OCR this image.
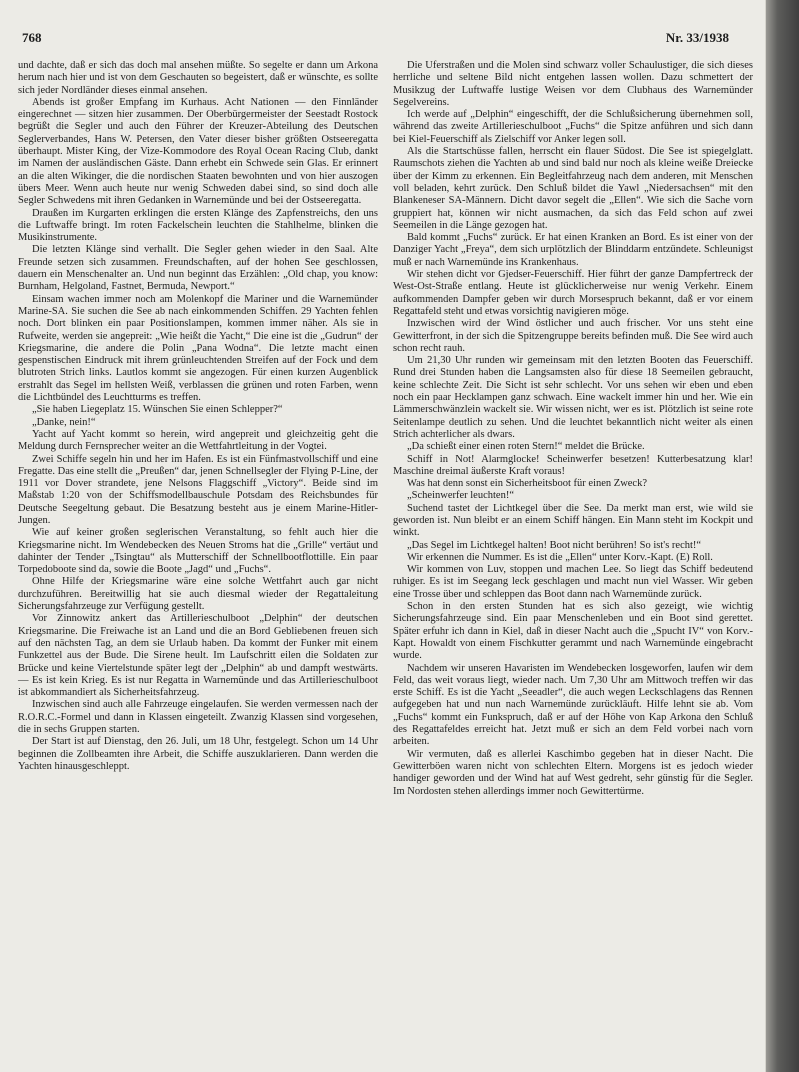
768	Nr. 33/1938

und dachte, daß er sich das doch mal ansehen müßte. So segelte er dann um Arkona herum nach hier und ist von dem Geschauten so begeistert, daß er wünschte, es sollte sich jeder Nordländer dieses einmal ansehen.

Abends ist großer Empfang im Kurhaus. Acht Nationen — den Finnländer eingerechnet — sitzen hier zusammen. Der Oberbürgermeister der Seestadt Rostock begrüßt die Segler und auch den Führer der Kreuzer-Abteilung des Deutschen Seglerverbandes, Hans W. Petersen, den Vater dieser bisher größten Ostseeregatta überhaupt. Mister King, der Vize-Kommodore des Royal Ocean Racing Club, dankt im Namen der ausländischen Gäste. Dann erhebt ein Schwede sein Glas. Er erinnert an die alten Wikinger, die die nordischen Staaten bewohnten und von hier auszogen übers Meer. Wenn auch heute nur wenig Schweden dabei sind, so sind doch alle Segler Schwedens mit ihren Gedanken in Warnemünde und bei der Ostseeregatta.

Draußen im Kurgarten erklingen die ersten Klänge des Zapfenstreichs, den uns die Luftwaffe bringt. Im roten Fackelschein leuchten die Stahlhelme, blinken die Musikinstrumente.

Die letzten Klänge sind verhallt. Die Segler gehen wieder in den Saal. Alte Freunde setzen sich zusammen. Freundschaften, auf der hohen See geschlossen, dauern ein Menschenalter an. Und nun beginnt das Erzählen: „Old chap, you know: Burnham, Helgoland, Fastnet, Bermuda, Newport.“

Einsam wachen immer noch am Molenkopf die Mariner und die Warnemünder Marine-SA. Sie suchen die See ab nach einkommenden Schiffen. 29 Yachten fehlen noch. Dort blinken ein paar Positionslampen, kommen immer näher. Als sie in Rufweite, werden sie angepreit: „Wie heißt die Yacht,“ Die eine ist die „Gudrun“ der Kriegsmarine, die andere die Polin „Pana Wodna“. Die letzte macht einen gespenstischen Eindruck mit ihrem grünleuchtenden Streifen auf der Fock und dem blutroten Strich links. Lautlos kommt sie angezogen. Für einen kurzen Augenblick erstrahlt das Segel im hellsten Weiß, verblassen die grünen und roten Farben, wenn die Lichtbündel des Leuchtturms es treffen.

„Sie haben Liegeplatz 15. Wünschen Sie einen Schlepper?“

„Danke, nein!“

Yacht auf Yacht kommt so herein, wird angepreit und gleichzeitig geht die Meldung durch Fernsprecher weiter an die Wettfahrtleitung in der Vogtei.

Zwei Schiffe segeln hin und her im Hafen. Es ist ein Fünfmastvollschiff und eine Fregatte. Das eine stellt die „Preußen“ dar, jenen Schnellsegler der Flying P-Line, der 1911 vor Dover strandete, jene Nelsons Flaggschiff „Victory“. Beide sind im Maßstab 1:20 von der Schiffsmodellbauschule Potsdam des Reichsbundes für Deutsche Seegeltung gebaut. Die Besatzung besteht aus je einem Marine-Hitler-Jungen.

Wie auf keiner großen seglerischen Veranstaltung, so fehlt auch hier die Kriegsmarine nicht. Im Wendebecken des Neuen Stroms hat die „Grille“ vertäut und dahinter der Tender „Tsingtau“ als Mutterschiff der Schnellbootflottille. Ein paar Torpedoboote sind da, sowie die Boote „Jagd“ und „Fuchs“.

Ohne Hilfe der Kriegsmarine wäre eine solche Wettfahrt auch gar nicht durchzuführen. Bereitwillig hat sie auch diesmal wieder der Regattaleitung Sicherungsfahrzeuge zur Verfügung gestellt.

Vor Zinnowitz ankert das Artillerieschulboot „Delphin“ der deutschen Kriegsmarine. Die Freiwache ist an Land und die an Bord Gebliebenen freuen sich auf den nächsten Tag, an dem sie Urlaub haben. Da kommt der Funker mit einem Funkzettel aus der Bude. Die Sirene heult. Im Laufschritt eilen die Soldaten zur Brücke und keine Viertelstunde später legt der „Delphin“ ab und dampft westwärts. — Es ist kein Krieg. Es ist nur Regatta in Warnemünde und das Artillerieschulboot ist abkommandiert als Sicherheitsfahrzeug.

Inzwischen sind auch alle Fahrzeuge eingelaufen. Sie werden vermessen nach der R.O.R.C.-Formel und dann in Klassen eingeteilt. Zwanzig Klassen sind vorgesehen, die in sechs Gruppen starten.

Der Start ist auf Dienstag, den 26. Juli, um 18 Uhr, festgelegt. Schon um 14 Uhr beginnen die Zollbeamten ihre Arbeit, die Schiffe auszuklarieren. Dann werden die Yachten hinausgeschleppt.

Die Uferstraßen und die Molen sind schwarz voller Schaulustiger, die sich dieses herrliche und seltene Bild nicht entgehen lassen wollen. Dazu schmettert der Musikzug der Luftwaffe lustige Weisen vor dem Clubhaus des Warnemünder Segelvereins.

Ich werde auf „Delphin“ eingeschifft, der die Schlußsicherung übernehmen soll, während das zweite Artillerieschulboot „Fuchs“ die Spitze anführen und sich dann bei Kiel-Feuerschiff als Zielschiff vor Anker legen soll.

Als die Startschüsse fallen, herrscht ein flauer Südost. Die See ist spiegelglatt. Raumschots ziehen die Yachten ab und sind bald nur noch als kleine weiße Dreiecke über der Kimm zu erkennen. Ein Begleitfahrzeug nach dem anderen, mit Menschen voll beladen, kehrt zurück. Den Schluß bildet die Yawl „Niedersachsen“ mit den Blankeneser SA-Männern. Dicht davor segelt die „Ellen“. Wie sich die Sache vorn gruppiert hat, können wir nicht ausmachen, da sich das Feld schon auf zwei Seemeilen in die Länge gezogen hat.

Bald kommt „Fuchs“ zurück. Er hat einen Kranken an Bord. Es ist einer von der Danziger Yacht „Freya“, dem sich urplötzlich der Blinddarm entzündete. Schleunigst muß er nach Warnemünde ins Krankenhaus.

Wir stehen dicht vor Gjedser-Feuerschiff. Hier führt der ganze Dampfertreck der West-Ost-Straße entlang. Heute ist glücklicherweise nur wenig Verkehr. Einem aufkommenden Dampfer geben wir durch Morsespruch bekannt, daß er vor einem Regattafeld steht und etwas vorsichtig navigieren möge.

Inzwischen wird der Wind östlicher und auch frischer. Vor uns steht eine Gewitterfront, in der sich die Spitzengruppe bereits befinden muß. Die See wird auch schon recht rauh.

Um 21,30 Uhr runden wir gemeinsam mit den letzten Booten das Feuerschiff. Rund drei Stunden haben die Langsamsten also für diese 18 Seemeilen gebraucht, keine schlechte Zeit. Die Sicht ist sehr schlecht. Vor uns sehen wir eben und eben noch ein paar Hecklampen ganz schwach. Eine wackelt immer hin und her. Wie ein Lämmerschwänzlein wackelt sie. Wir wissen nicht, wer es ist. Plötzlich ist seine rote Seitenlampe deutlich zu sehen. Und die leuchtet bekanntlich nicht weiter als einen Strich achterlicher als dwars.

„Da schießt einer einen roten Stern!“ meldet die Brücke.

Schiff in Not! Alarmglocke! Scheinwerfer besetzen! Kutterbesatzung klar! Maschine dreimal äußerste Kraft voraus!

Was hat denn sonst ein Sicherheitsboot für einen Zweck?

„Scheinwerfer leuchten!“

Suchend tastet der Lichtkegel über die See. Da merkt man erst, wie wild sie geworden ist. Nun bleibt er an einem Schiff hängen. Ein Mann steht im Kockpit und winkt.

„Das Segel im Lichtkegel halten! Boot nicht berühren! So ist's recht!“

Wir erkennen die Nummer. Es ist die „Ellen“ unter Korv.-Kapt. (E) Roll.

Wir kommen von Luv, stoppen und machen Lee. So liegt das Schiff bedeutend ruhiger. Es ist im Seegang leck geschlagen und macht nun viel Wasser. Wir geben eine Trosse über und schleppen das Boot dann nach Warnemünde zurück.

Schon in den ersten Stunden hat es sich also gezeigt, wie wichtig Sicherungsfahrzeuge sind. Ein paar Menschenleben und ein Boot sind gerettet. Später erfuhr ich dann in Kiel, daß in dieser Nacht auch die „Spucht IV“ von Korv.-Kapt. Howaldt von einem Fischkutter gerammt und nach Warnemünde eingebracht wurde.

Nachdem wir unseren Havaristen im Wendebecken losgeworfen, laufen wir dem Feld, das weit voraus liegt, wieder nach. Um 7,30 Uhr am Mittwoch treffen wir das erste Schiff. Es ist die Yacht „Seeadler“, die auch wegen Leckschlagens das Rennen aufgegeben hat und nun nach Warnemünde zurückläuft. Hilfe lehnt sie ab. Vom „Fuchs“ kommt ein Funkspruch, daß er auf der Höhe von Kap Arkona den Schluß des Regattafeldes erreicht hat. Jetzt muß er sich an dem Feld vorbei nach vorn arbeiten.

Wir vermuten, daß es allerlei Kaschimbo gegeben hat in dieser Nacht. Die Gewitterböen waren nicht von schlechten Eltern. Morgens ist es jedoch wieder handiger geworden und der Wind hat auf West gedreht, sehr günstig für die Segler. Im Nordosten stehen allerdings immer noch Gewittertürme.
